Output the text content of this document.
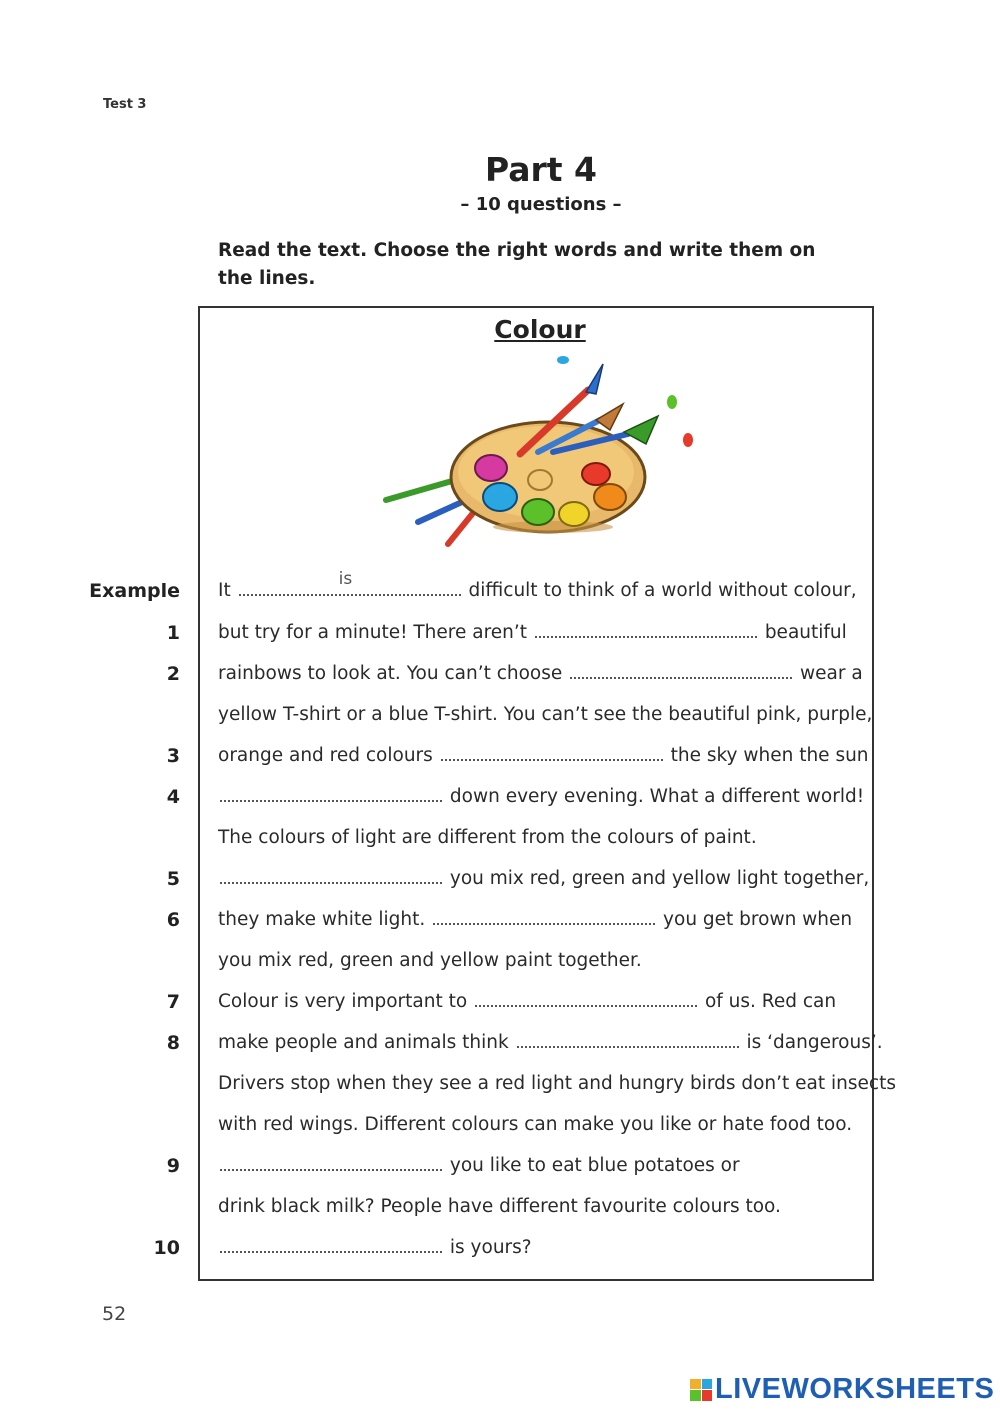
Test 3
Part 4
– 10 questions –
Read the text. Choose the right words and write them on the lines.
Colour
Example It
is
difficult to think of a world without colour,
1 but try for a minute! There aren’t	beautiful
2 rainbows to look at. You can’t choose	wear a
yellow T-shirt or a blue T-shirt. You can’t see the beautiful pink, purple,
3 orange and red colours	the sky when the sun
4	down every evening. What a different world!
The colours of light are different from the colours of paint.
5	you mix red, green and yellow light together,
6 they make white light.	you get brown when
you mix red, green and yellow paint together.
7 Colour is very important to	of us. Red can
8 make people and animals think	is ‘dangerous’.
Drivers stop when they see a red light and hungry birds don’t eat insects
with red wings. Different colours can make you like or hate food too.
9	you like to eat blue potatoes or
drink black milk? People have different favourite colours too.
10	is yours?
52
LIVEWORKSHEETS
